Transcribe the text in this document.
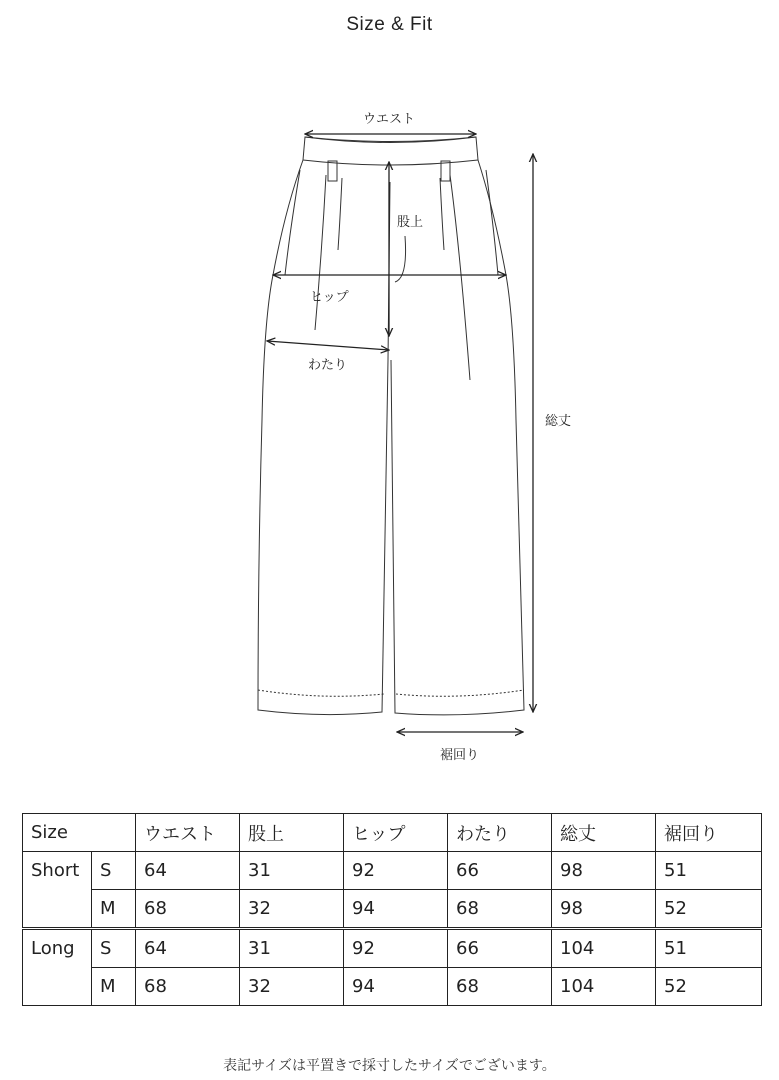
Size & Fit
ウエスト
股上
ヒップ
わたり
総丈
裾回り
Size		ウエスト	股上	ヒップ	わたり	総丈	裾回り
Short	S	64	31	92	66	98	51
	M	68	32	94	68	98	52
Long	S	64	31	92	66	104	51
	M	68	32	94	68	104	52
表記サイズは平置きで採寸したサイズでございます。
